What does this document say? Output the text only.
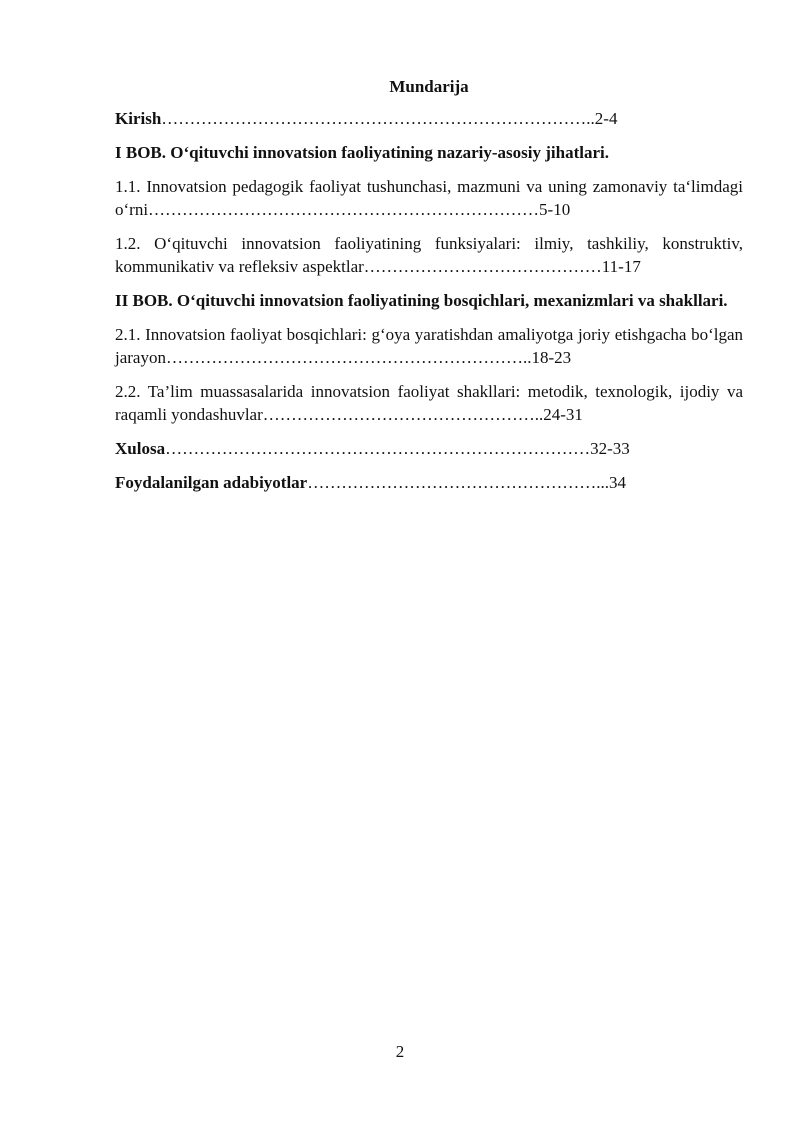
Mundarija
Kirish…………………………………………………………………..2-4
I BOB. O‘qituvchi innovatsion faoliyatining nazariy-asosiy jihatlari.
1.1. Innovatsion pedagogik faoliyat tushunchasi, mazmuni va uning zamonaviy ta‘limdagi o‘rni……………………………………………………………5-10
1.2. O‘qituvchi innovatsion faoliyatining funksiyalari: ilmiy, tashkiliy, konstruktiv, kommunikativ va refleksiv aspektlar……………………………………11-17
II BOB. O‘qituvchi innovatsion faoliyatining bosqichlari, mexanizmlari va shakllari.
2.1. Innovatsion faoliyat bosqichlari: g‘oya yaratishdan amaliyotga joriy etishgacha bo‘lgan jarayon………………………………………………………..18-23
2.2. Ta’lim muassasalarida innovatsion faoliyat shakllari: metodik, texnologik, ijodiy va raqamli yondashuvlar…………………………………………..24-31
Xulosa…………………………………………………………………32-33
Foydalanilgan adabiyotlar……………………………………………...34
2
